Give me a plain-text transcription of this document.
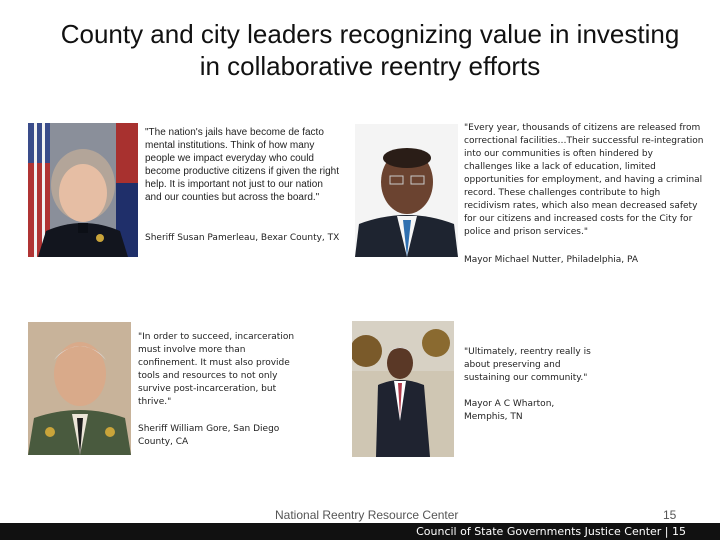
County and city leaders recognizing value in investing
in collaborative reentry efforts
"The nation's jails have become de facto mental institutions. Think of how many people we impact everyday who could become productive citizens if given the right help. It is important not just to our nation and our counties but across the board."
Sheriff Susan Pamerleau, Bexar County, TX
"Every year, thousands of citizens are released from correctional facilities…Their successful re-integration into our communities is often hindered by challenges like a lack of education, limited opportunities for employment, and having a criminal record. These challenges contribute to high recidivism rates, which also mean decreased safety for our citizens and increased costs for the City for police and prison services."
Mayor Michael Nutter, Philadelphia, PA
"In order to succeed, incarceration must involve more than confinement. It must also provide tools and resources to not only survive post-incarceration, but thrive."
Sheriff William Gore, San Diego County, CA
"Ultimately, reentry really is about preserving and sustaining our community."
Mayor A C Wharton,
Memphis, TN
National Reentry Resource Center	15
Council of State Governments Justice Center | 15
